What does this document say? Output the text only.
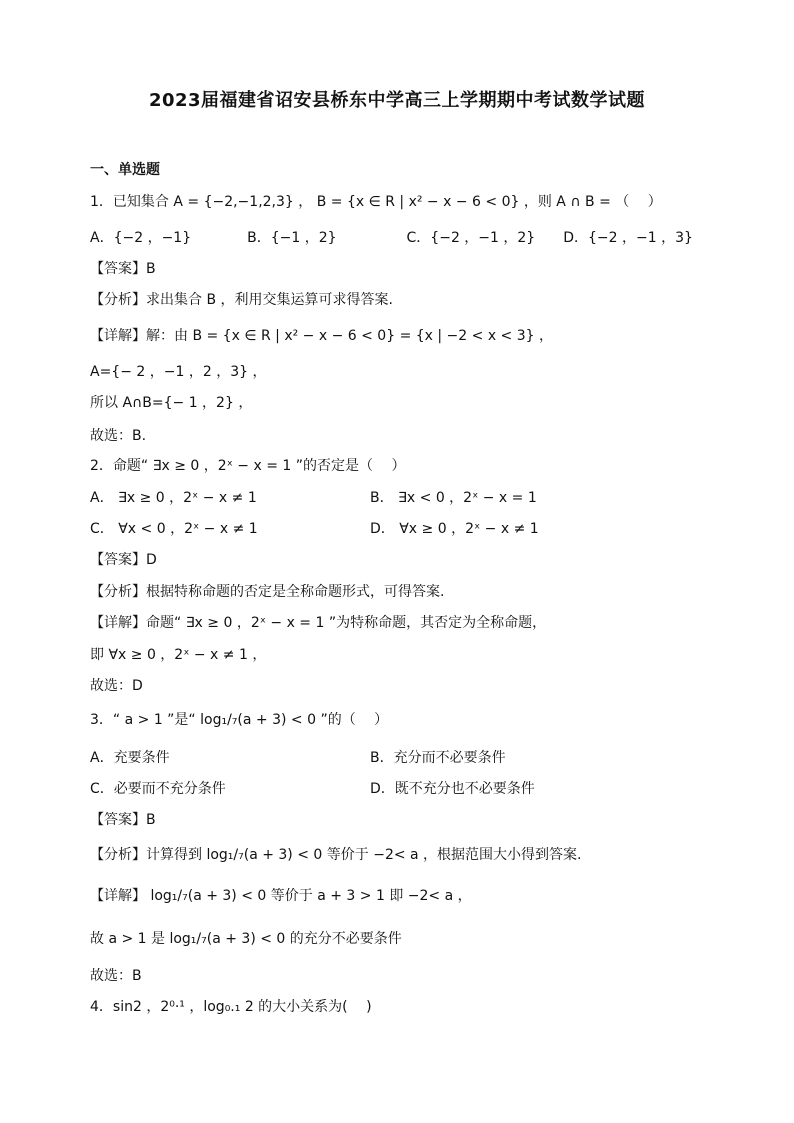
2023届福建省诏安县桥东中学高三上学期期中考试数学试题
一、单选题
1．已知集合 A = {−2,−1,2,3} ， B = {x ∈ R | x² − x − 6 < 0} ，则 A ∩ B = （　 ）
A．{−2 ，−1}　　　　B．{−1 ，2}　　　　　C．{−2 ，−1 ，2}　　D．{−2 ，−1 ，3}
【答案】B
【分析】求出集合 B ，利用交集运算可求得答案.
【详解】解：由 B = {x ∈ R | x² − x − 6 < 0} = {x | −2 < x < 3} ，
A={− 2 ，−1 ，2 ，3} ，
所以 A∩B={− 1 ，2} ，
故选：B.
2．命题“ ∃x ≥ 0 ，2ˣ − x = 1 ”的否定是（　 ）
A． ∃x ≥ 0 ，2ˣ − x ≠ 1	B． ∃x < 0 ，2ˣ − x = 1
C． ∀x < 0 ，2ˣ − x ≠ 1	D． ∀x ≥ 0 ，2ˣ − x ≠ 1
【答案】D
【分析】根据特称命题的否定是全称命题形式，可得答案.
【详解】命题“ ∃x ≥ 0 ，2ˣ − x = 1 ”为特称命题，其否定为全称命题，
即 ∀x ≥ 0 ，2ˣ − x ≠ 1 ，
故选：D
3．“ a > 1 ”是“ log₁/₇(a + 3) < 0 ”的（　 ）
A．充要条件	B．充分而不必要条件
C．必要而不充分条件	D．既不充分也不必要条件
【答案】B
【分析】计算得到 log₁/₇(a + 3) < 0 等价于 −2< a ，根据范围大小得到答案.
【详解】 log₁/₇(a + 3) < 0 等价于 a + 3 > 1 即 −2< a ，
故 a > 1 是 log₁/₇(a + 3) < 0 的充分不必要条件
故选：B
4．sin2 ，2⁰·¹ ，log₀.₁ 2 的大小关系为(　 )
